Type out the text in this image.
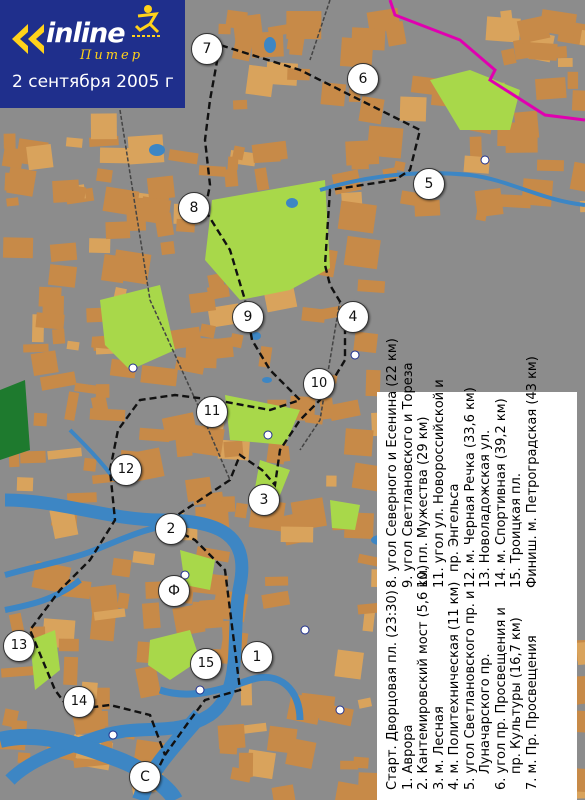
inline
Питер
2 сентября 2005 г
Старт. Дворцовая пл. (23:30) 1. Аврора 2. Кантемировский мост (5,6 км) 3. м. Лесная 4. м. Политехническая (11 км) 5. угол Светлановского пр. и Луначарского пр. 6. угол пр. Просвещения и пр. Культуры (16,7 км) 7. м. Пр. Просвещения
8. угол Северного и Есенина (22 км) 9. угол Светлановского и Тореза 10. пл. Мужества (29 км) 11. угол ул. Новороссийской и пр. Энгельса 12. м. Черная Речка (33,6 км) 13. Новоладожская ул. 14. м. Спортивная (39,2 км) 15. Троицкая пл. Финиш. м. Петроградская (43 км)
7
6
5
8
9	4
10
11
12
3
2
Ф
1
15
13
14
С
